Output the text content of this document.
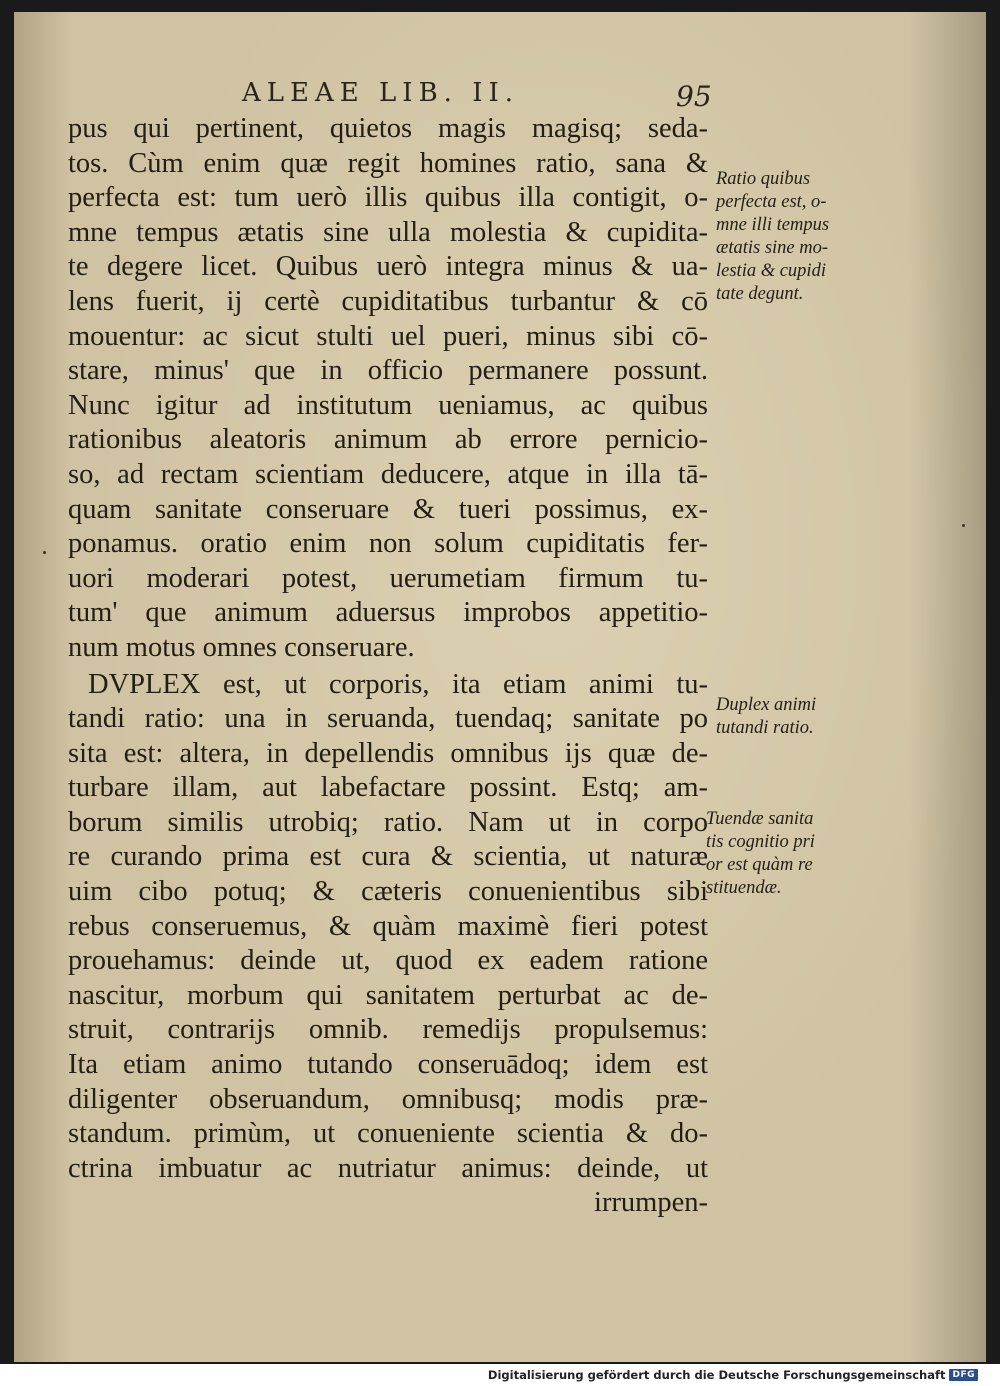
ALEAE LIB. II.	95
pus qui pertinent, quietos magis magisq; seda-
tos. Cùm enim quæ regit homines ratio, sana &
perfecta est: tum uerò illis quibus illa contigit, o-
mne tempus ætatis sine ulla molestia & cupidita-
te degere licet. Quibus uerò integra minus & ua-
lens fuerit, ij certè cupiditatibus turbantur & cō
mouentur: ac sicut stulti uel pueri, minus sibi cō-
stare, minus' que in officio permanere possunt.
Nunc igitur ad institutum ueniamus, ac quibus
rationibus aleatoris animum ab errore pernicio-
so, ad rectam scientiam deducere, atque in illa tā-
quam sanitate conseruare & tueri possimus, ex-
ponamus. oratio enim non solum cupiditatis fer-
uori moderari potest, uerumetiam firmum tu-
tum' que animum aduersus improbos appetitio-
num motus omnes conseruare.
DVPLEX est, ut corporis, ita etiam animi tu-
tandi ratio: una in seruanda, tuendaq; sanitate po
sita est: altera, in depellendis omnibus ijs quæ de-
turbare illam, aut labefactare possint. Estq; am-
borum similis utrobiq; ratio. Nam ut in corpo
re curando prima est cura & scientia, ut naturæ
uim cibo potuq; & cæteris conuenientibus sibi
rebus conseruemus, & quàm maximè fieri potest
prouehamus: deinde ut, quod ex eadem ratione
nascitur, morbum qui sanitatem perturbat ac de-
struit, contrarijs omnib. remedijs propulsemus:
Ita etiam animo tutando conseruādoq; idem est
diligenter obseruandum, omnibusq; modis præ-
standum. primùm, ut conueniente scientia & do-
ctrina imbuatur ac nutriatur animus: deinde, ut
irrumpen-
Ratio quibus
perfecta est, o-
mne illi tempus
ætatis sine mo-
lestia & cupidi
tate degunt.
Duplex animi
tutandi ratio.
Tuendæ sanita
tis cognitio pri
or est quàm re
stituendæ.
Digitalisierung gefördert durch die Deutsche Forschungsgemeinschaft DFG
